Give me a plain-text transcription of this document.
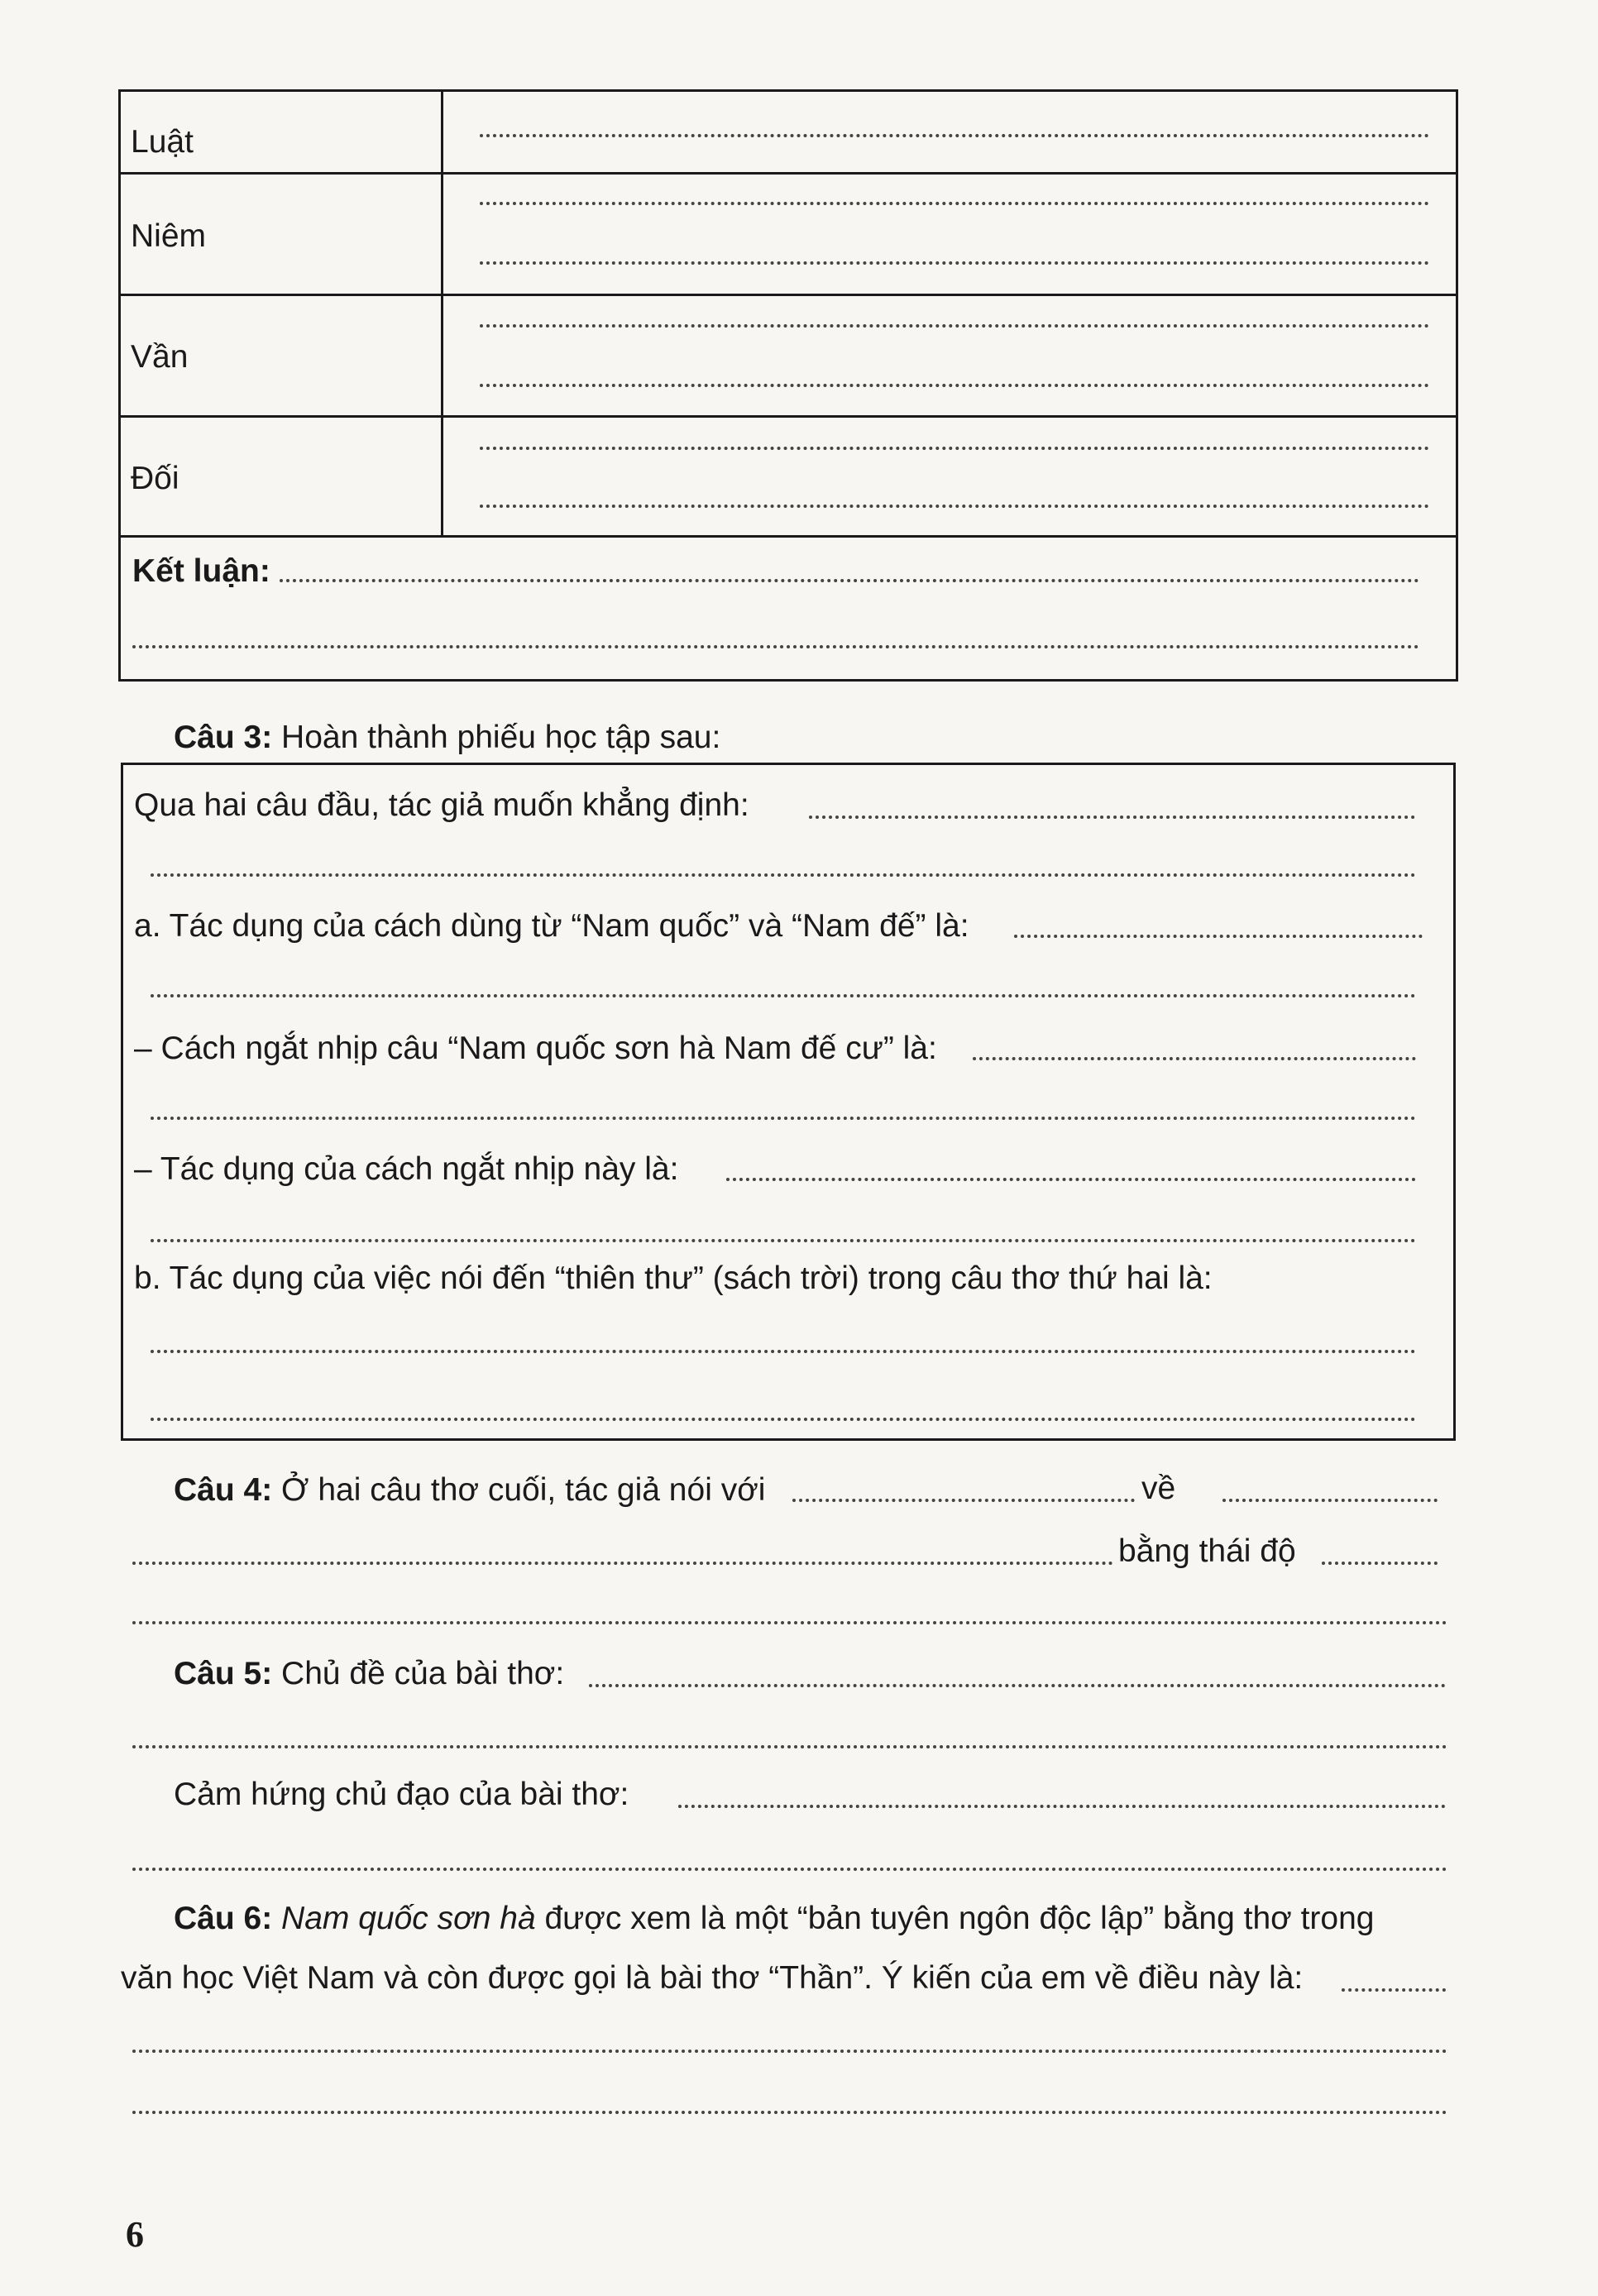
Luật
Niêm
Vần
Đối
Kết luận:
Câu 3: Hoàn thành phiếu học tập sau:
Qua hai câu đầu, tác giả muốn khẳng định:
a. Tác dụng của cách dùng từ “Nam quốc” và “Nam đế” là:
– Cách ngắt nhịp câu “Nam quốc sơn hà Nam đế cư” là:
– Tác dụng của cách ngắt nhịp này là:
b. Tác dụng của việc nói đến “thiên thư” (sách trời) trong câu thơ thứ hai là:
Câu 4: Ở hai câu thơ cuối, tác giả nói với	về
bằng thái độ
Câu 5: Chủ đề của bài thơ:
Cảm hứng chủ đạo của bài thơ:
Câu 6: Nam quốc sơn hà được xem là một “bản tuyên ngôn độc lập” bằng thơ trong
văn học Việt Nam và còn được gọi là bài thơ “Thần”. Ý kiến của em về điều này là:
6
